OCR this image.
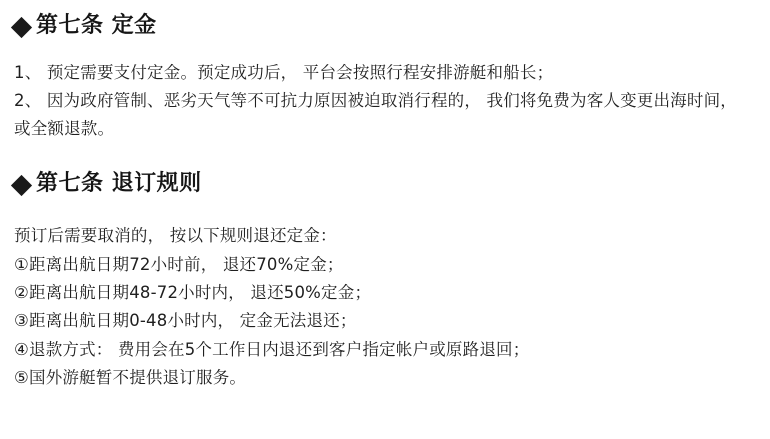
第七条 定金

1、 预定需要支付定金。预定成功后， 平台会按照行程安排游艇和船长；

2、 因为政府管制、恶劣天气等不可抗力原因被迫取消行程的， 我们将免费为客人变更出海时间， 或全额退款。

第七条 退订规则

预订后需要取消的， 按以下规则退还定金：

①距离出航日期72小时前， 退还70%定金；

②距离出航日期48-72小时内， 退还50%定金；

③距离出航日期0-48小时内， 定金无法退还；

④退款方式： 费用会在5个工作日内退还到客户指定帐户或原路退回；

⑤国外游艇暂不提供退订服务。
